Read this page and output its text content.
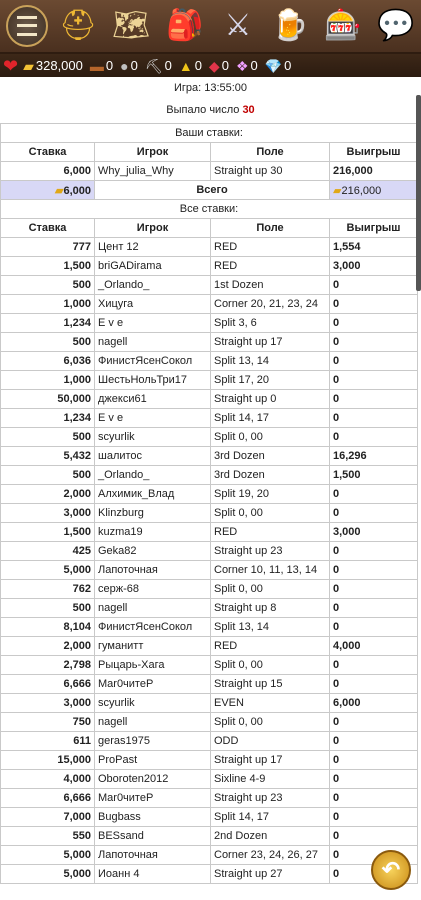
⛑ 🗺 🎒 ⚔ 🍺 🎰 💬
❤ ▰ 328,000 ▬ 0 ● 0 ⛏ 0 ▲ 0 ◆ 0 ❖ 0 💎 0
Игра: 13:55:00
Выпало число 30
Ваши ставки:			
Ставка	Игрок	Поле	Выигрыш
6,000	Why_julia_Why	Straight up 30	216,000
▰6,000	Всего		▰216,000
Все ставки:			
Ставка	Игрок	Поле	Выигрыш
777	Цент 12	RED	1,554
1,500	briGADirama	RED	3,000
500	_Orlando_	1st Dozen	0
1,000	Хицуга	Corner 20, 21, 23, 24	0
1,234	E v e	Split 3, 6	0
500	nagell	Straight up 17	0
6,036	ФинистЯсенСокол	Split 13, 14	0
1,000	ШестьНольТри17	Split 17, 20	0
50,000	джекси61	Straight up 0	0
1,234	E v e	Split 14, 17	0
500	scyurlik	Split 0, 00	0
5,432	шалитос	3rd Dozen	16,296
500	_Orlando_	3rd Dozen	1,500
2,000	Алхимик_Влад	Split 19, 20	0
3,000	Klinzburg	Split 0, 00	0
1,500	kuzma19	RED	3,000
425	Geka82	Straight up 23	0
5,000	Лапоточная	Corner 10, 11, 13, 14	0
762	серж-68	Split 0, 00	0
500	nagell	Straight up 8	0
8,104	ФинистЯсенСокол	Split 13, 14	0
2,000	гуманитт	RED	4,000
2,798	Рыцарь-Хага	Split 0, 00	0
6,666	Мar0читеР	Straight up 15	0
3,000	scyurlik	EVEN	6,000
750	nagell	Split 0, 00	0
611	geras1975	ODD	0
15,000	ProPast	Straight up 17	0
4,000	Oboroten2012	Sixline 4-9	0
6,666	Мar0читеР	Straight up 23	0
7,000	Bugbass	Split 14, 17	0
550	BESsand	2nd Dozen	0
5,000	Лапоточная	Corner 23, 24, 26, 27	0
5,000	Иоанн 4	Straight up 27	0 ↶
